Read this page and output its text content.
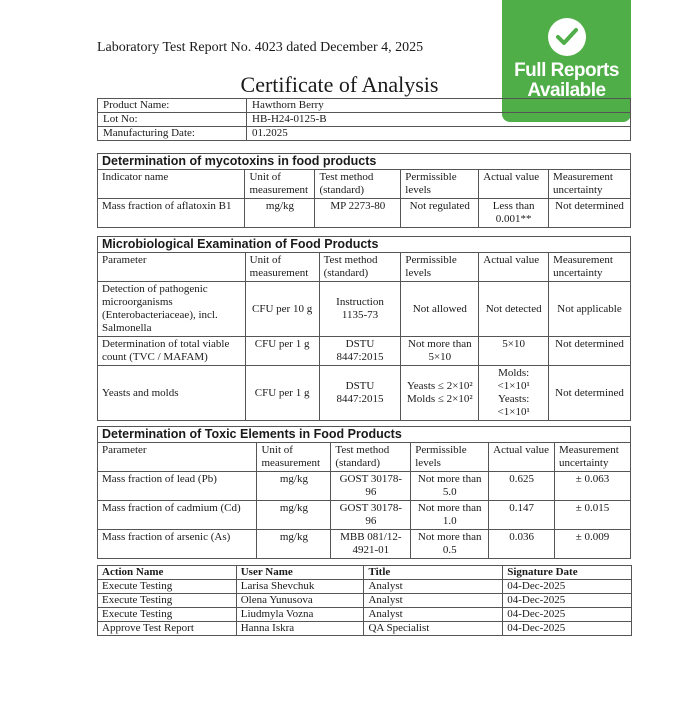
Laboratory Test Report No. 4023 dated December 4, 2025
Certificate of Analysis
Full Reports
Available
Product Name:	Hawthorn Berry
Lot No:	HB-H24-0125-B
Manufacturing Date:	01.2025
Determination of mycotoxins in food products					
Indicator name	Unit of measurement	Test method (standard)	Permissible levels	Actual value	Measurement uncertainty
Mass fraction of aflatoxin B1	mg/kg	MP 2273-80	Not regulated	Less than 0.001**	Not determined
Microbiological Examination of Food Products					
Parameter	Unit of measurement	Test method (standard)	Permissible levels	Actual value	Measurement uncertainty
Detection of pathogenic microorganisms (Enterobacteriaceae), incl. Salmonella	CFU per 10 g	Instruction 1135-73	Not allowed	Not detected	Not applicable
Determination of total viable count (TVC / MAFAM)	CFU per 1 g	DSTU 8447:2015	Not more than 5×10	5×10	Not determined
Yeasts and molds	CFU per 1 g	DSTU 8447:2015	Yeasts ≤ 2×10² Molds ≤ 2×10²	Molds: <1×10¹ Yeasts: <1×10¹	Not determined
Determination of Toxic Elements in Food Products					
Parameter	Unit of measurement	Test method (standard)	Permissible levels	Actual value	Measurement uncertainty
Mass fraction of lead (Pb)	mg/kg	GOST 30178-96	Not more than 5.0	0.625	± 0.063
Mass fraction of cadmium (Cd)	mg/kg	GOST 30178-96	Not more than 1.0	0.147	± 0.015
Mass fraction of arsenic (As)	mg/kg	MBB 081/12-4921-01	Not more than 0.5	0.036	± 0.009
Action Name	User Name	Title	Signature Date
Execute Testing	Larisa Shevchuk	Analyst	04-Dec-2025
Execute Testing	Olena Yunusova	Analyst	04-Dec-2025
Execute Testing	Liudmyla Vozna	Analyst	04-Dec-2025
Approve Test Report	Hanna Iskra	QA Specialist	04-Dec-2025
